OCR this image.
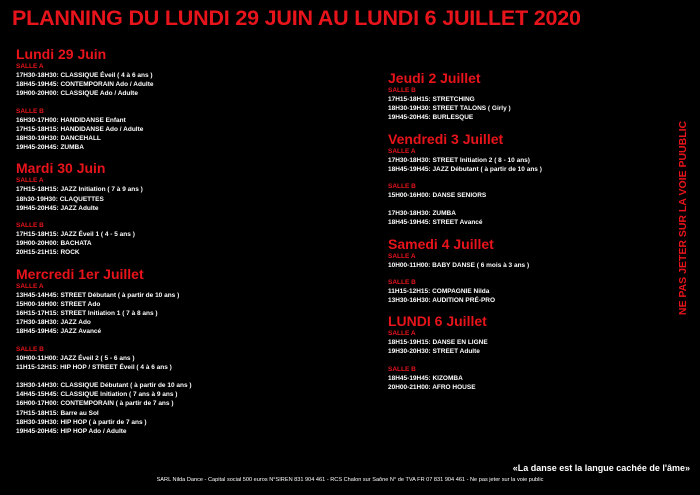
PLANNING DU LUNDI 29 JUIN AU LUNDI 6 JUILLET 2020
Lundi 29 Juin
SALLE A
17H30-18H30: CLASSIQUE Éveil ( 4 à 6 ans )
18H45-19H45: CONTEMPORAIN Ado / Adulte
19H00-20H00: CLASSIQUE Ado / Adulte
SALLE B
16H30-17H00: HANDIDANSE Enfant
17H15-18H15: HANDIDANSE Ado / Adulte
18H30-19H30: DANCEHALL
19H45-20H45: ZUMBA
Mardi 30 Juin
SALLE A
17H15-18H15: JAZZ Initiation ( 7 à 9 ans )
18h30-19H30: CLAQUETTES
19H45-20H45: JAZZ Adulte
SALLE B
17H15-18H15: JAZZ Éveil 1 ( 4 - 5 ans )
19H00-20H00: BACHATA
20H15-21H15: ROCK
Mercredi 1er Juillet
SALLE A
13H45-14H45: STREET Débutant ( à partir de 10 ans )
15H00-16H00: STREET Ado
16H15-17H15: STREET Initiation 1 ( 7 à 8 ans )
17H30-18H30: JAZZ Ado
18H45-19H45: JAZZ Avancé
SALLE B
10H00-11H00: JAZZ Éveil 2 ( 5 - 6 ans )
11H15-12H15: HIP HOP / STREET Éveil ( 4 à 6 ans )
13H30-14H30: CLASSIQUE Débutant ( à partir de 10 ans )
14H45-15H45: CLASSIQUE Initiation ( 7 ans à 9 ans )
16H00-17H00: CONTEMPORAIN ( à partir de 7 ans )
17H15-18H15: Barre au Sol
18H30-19H30: HIP HOP ( à partir de 7 ans )
19H45-20H45: HIP HOP Ado / Adulte
Jeudi 2 Juillet
SALLE B
17H15-18H15: STRETCHING
18H30-19H30: STREET TALONS ( Girly )
19H45-20H45: BURLESQUE
Vendredi 3 Juillet
SALLE A
17H30-18H30: STREET Initiation 2 ( 8 - 10 ans)
18H45-19H45: JAZZ Débutant ( à partir de 10 ans )
SALLE B
15H00-16H00: DANSE SENIORS
17H30-18H30: ZUMBA
18H45-19H45: STREET Avancé
Samedi 4 Juillet
SALLE A
10H00-11H00: BABY DANSE ( 6 mois à 3 ans )
SALLE B
11H15-12H15: COMPAGNIE Nilda
13H30-16H30: AUDITION PRÉ-PRO
LUNDI 6 Juillet
SALLE A
18H15-19H15: DANSE EN LIGNE
19H30-20H30: STREET Adulte
SALLE B
18H45-19H45: KIZOMBA
20H00-21H00: AFRO HOUSE
NE PAS JETER SUR LA VOIE PUUBLIC
«La danse est la langue cachée de l'âme»
SARL Nilda Dance - Capital social 500 euros N°SIREN 831 904 461 - RCS Chalon sur Saône N° de TVA FR 07 831 904 461 - Ne pas jeter sur la voie public
